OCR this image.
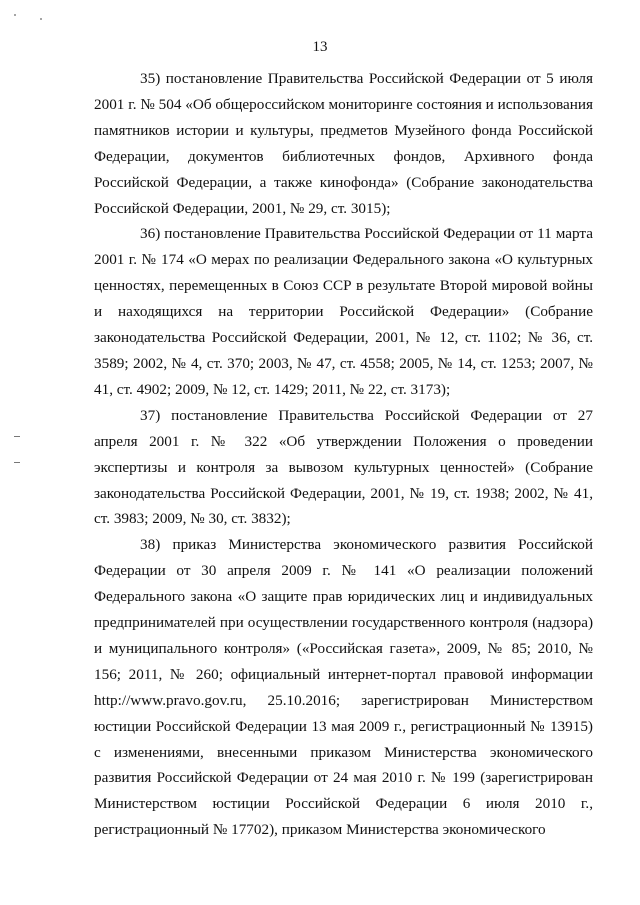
13

35) постановление Правительства Российской Федерации от 5 июля 2001 г. № 504 «Об общероссийском мониторинге состояния и использования памятников истории и культуры, предметов Музейного фонда Российской Федерации, документов библиотечных фондов, Архивного фонда Российской Федерации, а также кинофонда» (Собрание законодательства Российской Федерации, 2001, № 29, ст. 3015);

36) постановление Правительства Российской Федерации от 11 марта 2001 г. № 174 «О мерах по реализации Федерального закона «О культурных ценностях, перемещенных в Союз ССР в результате Второй мировой войны и находящихся на территории Российской Федерации» (Собрание законодательства Российской Федерации, 2001, № 12, ст. 1102; № 36, ст. 3589; 2002, № 4, ст. 370; 2003, № 47, ст. 4558; 2005, № 14, ст. 1253; 2007, № 41, ст. 4902; 2009, № 12, ст. 1429; 2011, № 22, ст. 3173);

37) постановление Правительства Российской Федерации от 27 апреля 2001 г. № 322 «Об утверждении Положения о проведении экспертизы и контроля за вывозом культурных ценностей» (Собрание законодательства Российской Федерации, 2001, № 19, ст. 1938; 2002, № 41, ст. 3983; 2009, № 30, ст. 3832);

38) приказ Министерства экономического развития Российской Федерации от 30 апреля 2009 г. № 141 «О реализации положений Федерального закона «О защите прав юридических лиц и индивидуальных предпринимателей при осуществлении государственного контроля (надзора) и муниципального контроля» («Российская газета», 2009, № 85; 2010, № 156; 2011, № 260; официальный интернет-портал правовой информации http://www.pravo.gov.ru, 25.10.2016; зарегистрирован Министерством юстиции Российской Федерации 13 мая 2009 г., регистрационный № 13915) с изменениями, внесенными приказом Министерства экономического развития Российской Федерации от 24 мая 2010 г. № 199 (зарегистрирован Министерством юстиции Российской Федерации 6 июля 2010 г., регистрационный № 17702), приказом Министерства экономического
